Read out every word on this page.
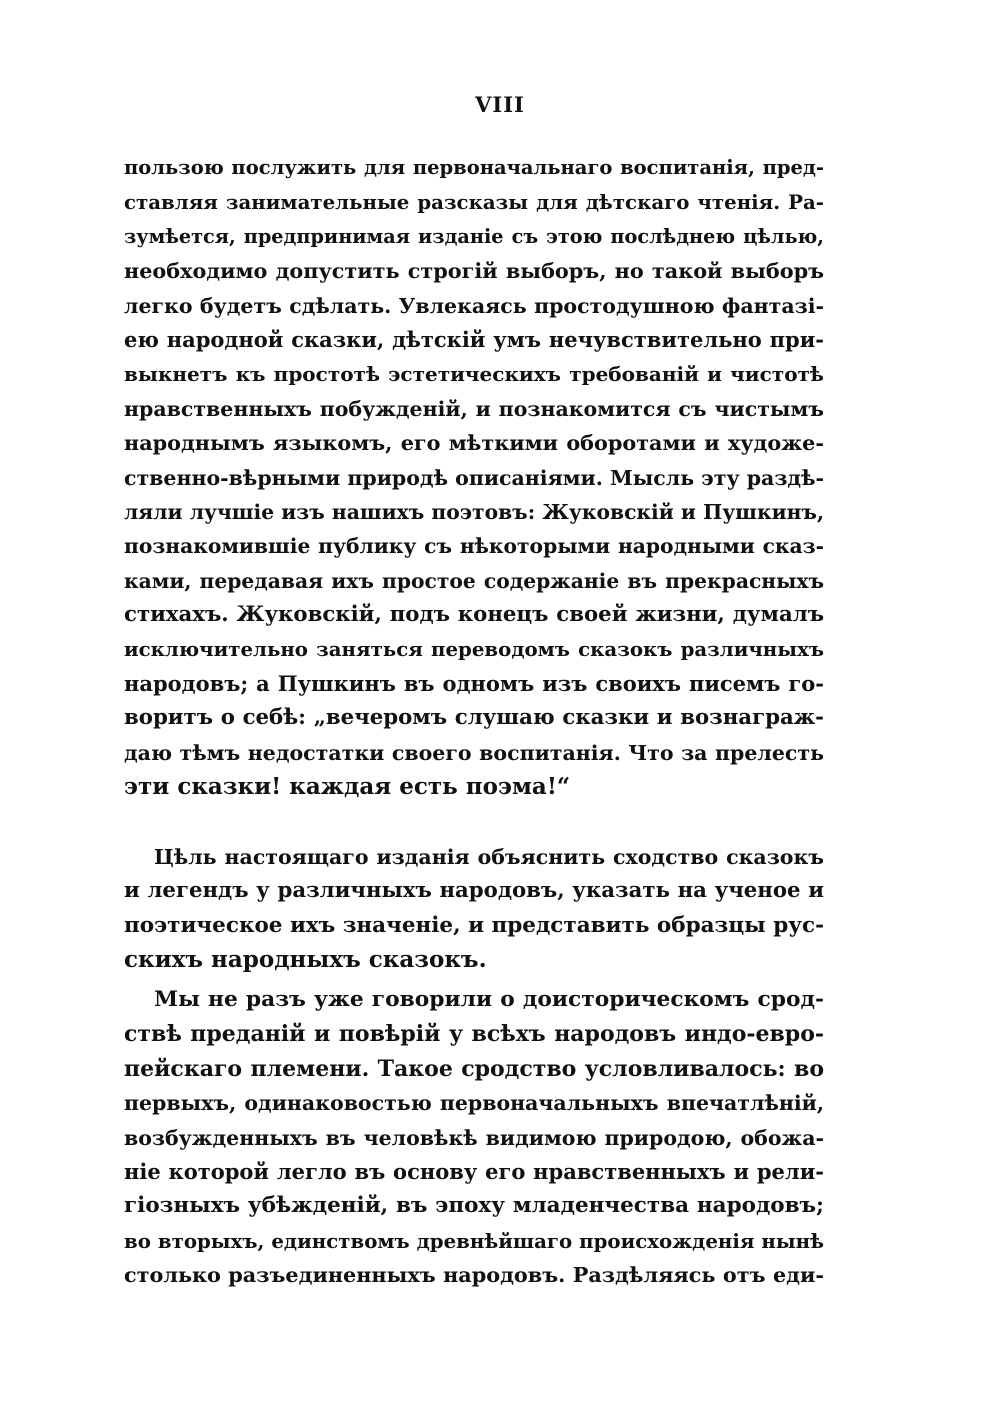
VIII
пользою послужить для первоначальнаго воспитанія, пред-
ставляя занимательные разсказы для дѣтскаго чтенія. Ра-
зумѣется, предпринимая изданіе съ этою послѣднею цѣлью,
необходимо допустить строгій выборъ, но такой выборъ
легко будетъ сдѣлать. Увлекаясь простодушною фантазі-
ею народной сказки, дѣтскій умъ нечувствительно при-
выкнетъ къ простотѣ эстетическихъ требованій и чистотѣ
нравственныхъ побужденій, и познакомится съ чистымъ
народнымъ языкомъ, его мѣткими оборотами и художе-
ственно-вѣрными природѣ описаніями. Мысль эту раздѣ-
ляли лучшіе изъ нашихъ поэтовъ: Жуковскій и Пушкинъ,
познакомившіе публику съ нѣкоторыми народными сказ-
ками, передавая ихъ простое содержаніе въ прекрасныхъ
стихахъ. Жуковскій, подъ конецъ своей жизни, думалъ
исключительно заняться переводомъ сказокъ различныхъ
народовъ; а Пушкинъ въ одномъ изъ своихъ писемъ го-
воритъ о себѣ: „вечеромъ слушаю сказки и вознаграж-
даю тѣмъ недостатки своего воспитанія. Что за прелесть
эти сказки! каждая есть поэма!“
Цѣль настоящаго изданія объяснить сходство сказокъ
и легендъ у различныхъ народовъ, указать на ученое и
поэтическое ихъ значеніе, и представить образцы рус-
скихъ народныхъ сказокъ.
Мы не разъ уже говорили о доисторическомъ срод-
ствѣ преданій и повѣрій у всѣхъ народовъ индо-евро-
пейскаго племени. Такое сродство условливалось: во
первыхъ, одинаковостью первоначальныхъ впечатлѣній,
возбужденныхъ въ человѣкѣ видимою природою, обожа-
ніе которой легло въ основу его нравственныхъ и рели-
гіозныхъ убѣжденій, въ эпоху младенчества народовъ;
во вторыхъ, единствомъ древнѣйшаго происхожденія нынѣ
столько разъединенныхъ народовъ. Раздѣляясь отъ еди-
